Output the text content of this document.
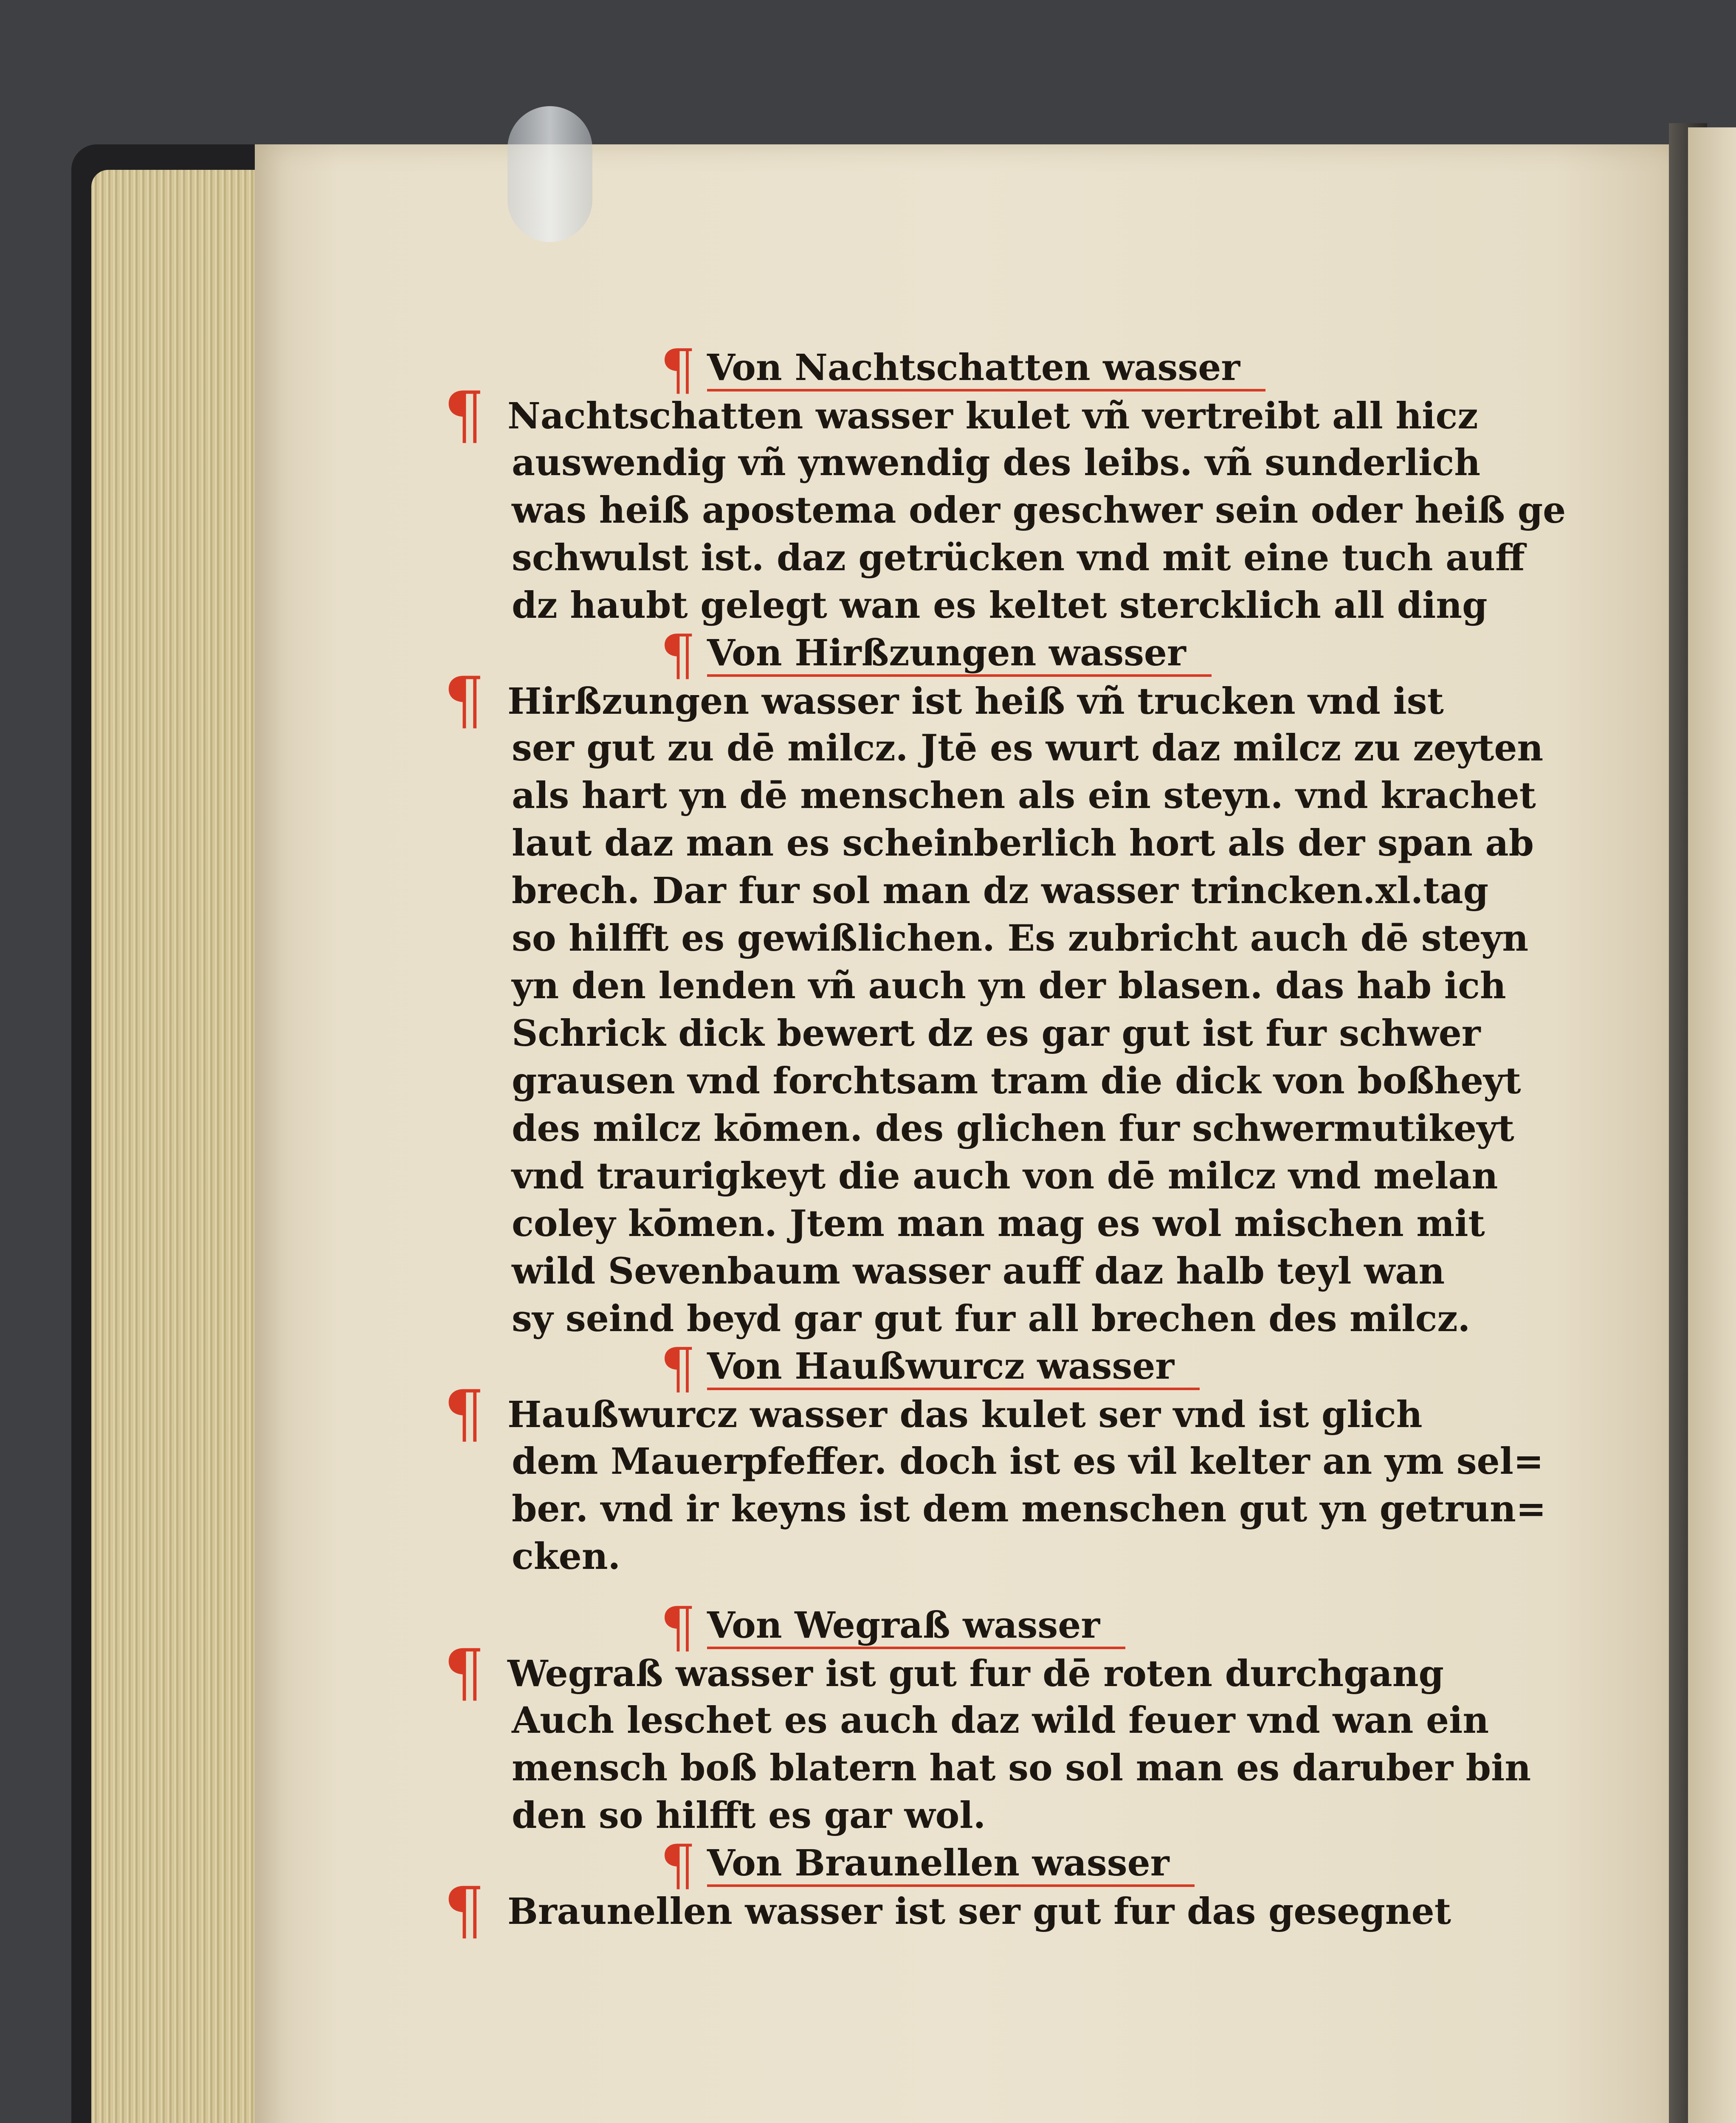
¶ Von Nachtschatten wasser
¶ Nachtschatten wasser kulet vñ vertreibt all hicz
auswendig vñ ynwendig des leibs. vñ sunderlich
was heiß apostema oder geschwer sein oder heiß ge
schwulst ist. daz getrücken vnd mit eine tuch auff
dz haubt gelegt wan es keltet stercklich all ding
¶ Von Hirßzungen wasser
¶ Hirßzungen wasser ist heiß vñ trucken vnd ist
ser gut zu dē milcz. Jtē es wurt daz milcz zu zeyten
als hart yn dē menschen als ein steyn. vnd krachet
laut daz man es scheinberlich hort als der span ab
brech. Dar fur sol man dz wasser trincken.xl.tag
so hilfft es gewißlichen. Es zubricht auch dē steyn
yn den lenden vñ auch yn der blasen. das hab ich
Schrick dick bewert dz es gar gut ist fur schwer
grausen vnd forchtsam tram die dick von boßheyt
des milcz kōmen. des glichen fur schwermutikeyt
vnd traurigkeyt die auch von dē milcz vnd melan
coley kōmen. Jtem man mag es wol mischen mit
wild Sevenbaum wasser auff daz halb teyl wan
sy seind beyd gar gut fur all brechen des milcz.
¶ Von Haußwurcz wasser
¶ Haußwurcz wasser das kulet ser vnd ist glich
dem Mauerpfeffer. doch ist es vil kelter an ym sel=
ber. vnd ir keyns ist dem menschen gut yn getrun=
cken.
¶ Von Wegraß wasser
¶ Wegraß wasser ist gut fur dē roten durchgang
Auch leschet es auch daz wild feuer vnd wan ein
mensch boß blatern hat so sol man es daruber bin
den so hilfft es gar wol.
¶ Von Braunellen wasser
¶ Braunellen wasser ist ser gut fur das gesegnet
